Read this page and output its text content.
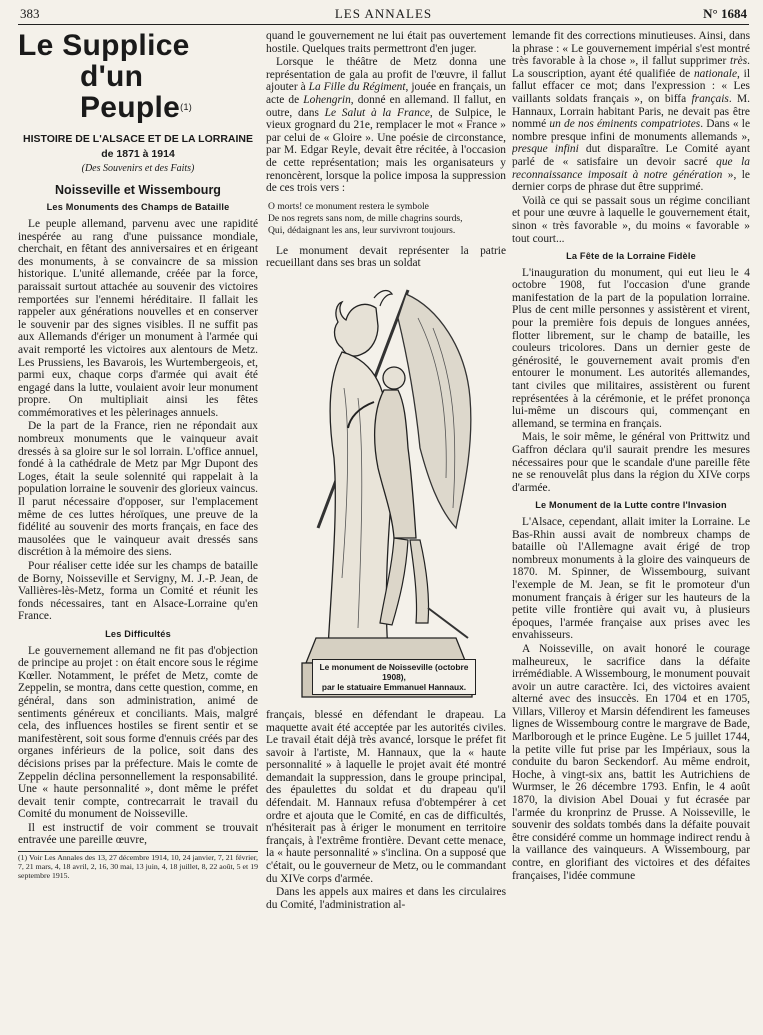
383	LES ANNALES	N° 1684
Le Supplice
d'un Peuple$^{(1)}$
HISTOIRE DE L'ALSACE ET DE LA LORRAINE
de 1871 à 1914
(Des Souvenirs et des Faits)
Noisseville et Wissembourg
Les Monuments des Champs de Bataille

Le peuple allemand, parvenu avec une rapidité inespérée au rang d'une puissance mondiale, cherchait, en fêtant des anniversaires et en érigeant des monuments, à se convaincre de sa mission historique. L'unité allemande, créée par la force, paraissait surtout attachée au souvenir des victoires remportées sur l'ennemi héréditaire. Il fallait les rappeler aux générations nouvelles et en conserver le souvenir par des signes visibles. Il ne suffit pas aux Allemands d'ériger un monument à l'armée qui avait remporté les victoires aux alentours de Metz. Les Prussiens, les Bavarois, les Wurtembergeois, et, parmi eux, chaque corps d'armée qui avait été engagé dans la lutte, voulaient avoir leur monument propre. On multipliait ainsi les fêtes commémoratives et les pèlerinages annuels.

De la part de la France, rien ne répondait aux nombreux monuments que le vainqueur avait dressés à sa gloire sur le sol lorrain. L'office annuel, fondé à la cathédrale de Metz par Mgr Dupont des Loges, était la seule solennité qui rappelait à la population lorraine le souvenir des glorieux vaincus. Il parut nécessaire d'opposer, sur l'emplacement même de ces luttes héroïques, une preuve de la fidélité au souvenir des morts français, en face des mausolées que le vainqueur avait dressés sans discrétion à la mémoire des siens.

Pour réaliser cette idée sur les champs de bataille de Borny, Noisseville et Servigny, M. J.-P. Jean, de Vallières-lès-Metz, forma un Comité et réunit les fonds nécessaires, tant en Alsace-Lorraine qu'en France.

Les Difficultés

Le gouvernement allemand ne fit pas d'objection de principe au projet : on était encore sous le régime Kœller. Notamment, le préfet de Metz, comte de Zeppelin, se montra, dans cette question, comme, en général, dans son administration, animé de sentiments généreux et conciliants. Mais, malgré cela, des influences hostiles se firent sentir et se manifestèrent, soit sous forme d'ennuis créés par des organes inférieurs de la police, soit dans des décisions prises par la préfecture. Mais le comte de Zeppelin déclina personnellement la responsabilité. Une « haute personnalité », dont même le préfet devait tenir compte, contrecarrait le travail du Comité du monument de Noisseville.

Il est instructif de voir comment se trouvait entravée une pareille œuvre,

(1) Voir Les Annales des 13, 27 décembre 1914, 10, 24 janvier, 7, 21 février, 7, 21 mars, 4, 18 avril, 2, 16, 30 mai, 13 juin, 4, 18 juillet, 8, 22 août, 5 et 19 septembre 1915.

quand le gouvernement ne lui était pas ouvertement hostile. Quelques traits permettront d'en juger.

Lorsque le théâtre de Metz donna une représentation de gala au profit de l'œuvre, il fallut ajouter à La Fille du Régiment, jouée en français, un acte de Lohengrin, donné en allemand. Il fallut, en outre, dans Le Salut à la France, de Sulpice, le vieux grognard du 21e, remplacer le mot « France » par celui de « Gloire ». Une poésie de circonstance, par M. Edgar Reyle, devait être récitée, à l'occasion de cette représentation; mais les organisateurs y renoncèrent, lorsque la police imposa la suppression de ces trois vers :

O morts! ce monument restera le symbole
De nos regrets sans nom, de mille chagrins sourds,
Qui, dédaignant les ans, leur survivront toujours.

Le monument devait représenter la patrie recueillant dans ses bras un soldat

Le monument de Noisseville (octobre 1908),
par le statuaire Emmanuel Hannaux.

français, blessé en défendant le drapeau. La maquette avait été acceptée par les autorités civiles. Le travail était déjà très avancé, lorsque le préfet fit savoir à l'artiste, M. Hannaux, que la « haute personnalité » à laquelle le projet avait été montré demandait la suppression, dans le groupe principal, des épaulettes du soldat et du drapeau qu'il défendait. M. Hannaux refusa d'obtempérer à cet ordre et ajouta que le Comité, en cas de difficultés, n'hésiterait pas à ériger le monument en territoire français, à l'extrême frontière. Devant cette menace, la « haute personnalité » s'inclina. On a supposé que c'était, ou le gouverneur de Metz, ou le commandant du XIVe corps d'armée.

Dans les appels aux maires et dans les circulaires du Comité, l'administration al-

lemande fit des corrections minutieuses. Ainsi, dans la phrase : « Le gouvernement impérial s'est montré très favorable à la chose », il fallut supprimer très. La souscription, ayant été qualifiée de nationale, il fallut effacer ce mot; dans l'expression : « Les vaillants soldats français », on biffa français. M. Hannaux, Lorrain habitant Paris, ne devait pas être nommé un de nos éminents compatriotes. Dans « le nombre presque infini de monuments allemands », presque infini dut disparaître. Le Comité ayant parlé de « satisfaire un devoir sacré que la reconnaissance imposait à notre génération », le dernier corps de phrase dut être supprimé.

Voilà ce qui se passait sous un régime conciliant et pour une œuvre à laquelle le gouvernement était, sinon « très favorable », du moins « favorable » tout court...

La Fête de la Lorraine Fidèle

L'inauguration du monument, qui eut lieu le 4 octobre 1908, fut l'occasion d'une grande manifestation de la part de la population lorraine. Plus de cent mille personnes y assistèrent et virent, pour la première fois depuis de longues années, flotter librement, sur le champ de bataille, les couleurs tricolores. Dans un dernier geste de générosité, le gouvernement avait promis d'en entourer le monument. Les autorités allemandes, tant civiles que militaires, assistèrent ou furent représentées à la cérémonie, et le préfet prononça lui-même un discours qui, commençant en allemand, se termina en français.

Mais, le soir même, le général von Prittwitz und Gaffron déclara qu'il saurait prendre les mesures nécessaires pour que le scandale d'une pareille fête ne se renouvelât plus dans la région du XIVe corps d'armée.

Le Monument de la Lutte contre l'Invasion

L'Alsace, cependant, allait imiter la Lorraine. Le Bas-Rhin aussi avait de nombreux champs de bataille où l'Allemagne avait érigé de trop nombreux monuments à la gloire des vainqueurs de 1870. M. Spinner, de Wissembourg, suivant l'exemple de M. Jean, se fit le promoteur d'un monument français à ériger sur les hauteurs de la petite ville frontière qui avait vu, à plusieurs époques, l'armée française aux prises avec les envahisseurs.

A Noisseville, on avait honoré le courage malheureux, le sacrifice dans la défaite irrémédiable. A Wissembourg, le monument pouvait avoir un autre caractère. Ici, des victoires avaient alterné avec des insuccès. En 1704 et en 1705, Villars, Villeroy et Marsin défendirent les fameuses lignes de Wissembourg contre le margrave de Bade, Marlborough et le prince Eugène. Le 5 juillet 1744, la petite ville fut prise par les Impériaux, sous la conduite du baron Seckendorf. Au même endroit, Hoche, à vingt-six ans, battit les Autrichiens de Wurmser, le 26 décembre 1793. Enfin, le 4 août 1870, la division Abel Douai y fut écrasée par l'armée du kronprinz de Prusse. A Noisseville, le souvenir des soldats tombés dans la défaite pouvait être considéré comme un hommage indirect rendu à la vaillance des vainqueurs. A Wissembourg, par contre, en glorifiant des victoires et des défaites françaises, l'idée commune
